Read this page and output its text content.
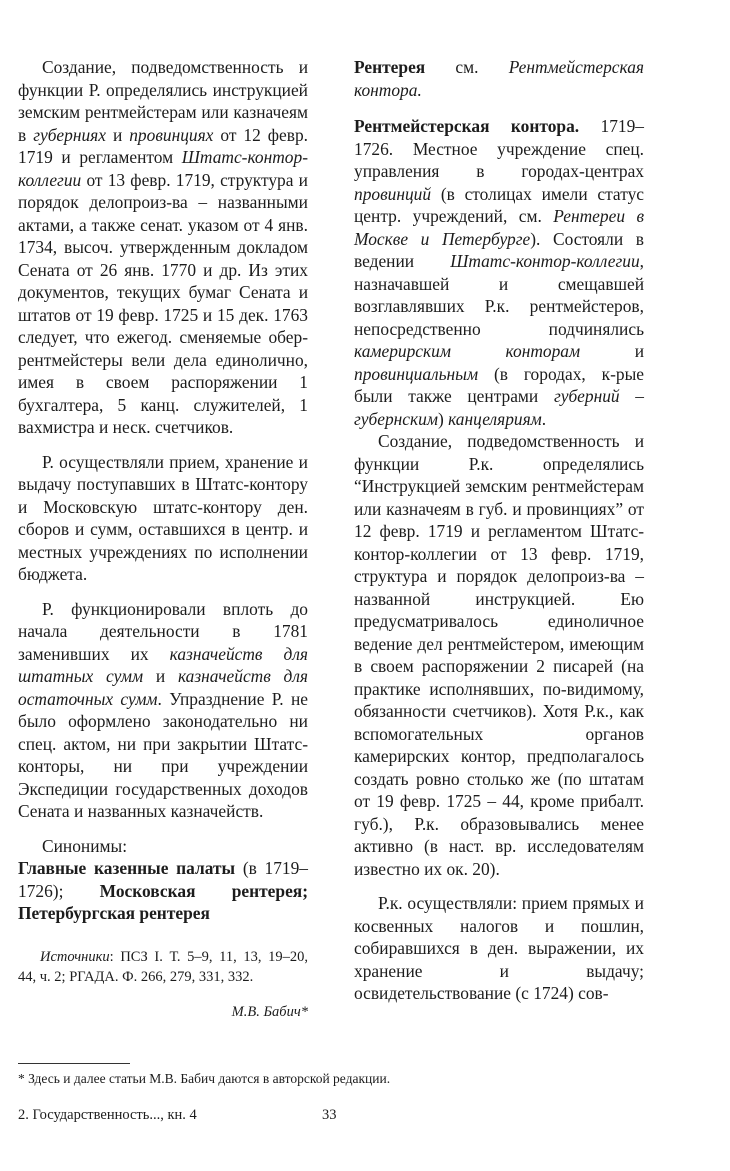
Создание, подведомственность и функции Р. определялись инструкцией земским рентмейстерам или казначеям в губерниях и провинциях от 12 февр. 1719 и регламентом Штатс-контор-коллегии от 13 февр. 1719, структура и порядок делопроиз-ва – названными актами, а также сенат. указом от 4 янв. 1734, высоч. утвержденным докладом Сената от 26 янв. 1770 и др. Из этих документов, текущих бумаг Сената и штатов от 19 февр. 1725 и 15 дек. 1763 следует, что ежегод. сменяемые обер-рентмейстеры вели дела единолично, имея в своем распоряжении 1 бухгалтера, 5 канц. служителей, 1 вахмистра и неск. счетчиков.

Р. осуществляли прием, хранение и выдачу поступавших в Штатс-контору и Московскую штатс-контору ден. сборов и сумм, оставшихся в центр. и местных учреждениях по исполнении бюджета.

Р. функционировали вплоть до начала деятельности в 1781 заменивших их казначейств для штатных сумм и казначейств для остаточных сумм. Упразднение Р. не было оформлено законодательно ни спец. актом, ни при закрытии Штатс-конторы, ни при учреждении Экспедиции государственных доходов Сената и названных казначейств.

Синонимы:

Главные казенные палаты (в 1719–1726); Московская рентерея; Петербургская рентерея

Источники: ПСЗ I. Т. 5–9, 11, 13, 19–20, 44, ч. 2; РГАДА. Ф. 266, 279, 331, 332.

М.В. Бабич*

Рентерея см. Рентмейстерская контора.

Рентмейстерская контора. 1719–1726. Местное учреждение спец. управления в городах-центрах провинций (в столицах имели статус центр. учреждений, см. Рентереи в Москве и Петербурге). Состояли в ведении Штатс-контор-коллегии, назначавшей и смещавшей возглавлявших Р.к. рентмейстеров, непосредственно подчинялись камерирским конторам и провинциальным (в городах, к-рые были также центрами губерний – губернским) канцеляриям.

Создание, подведомственность и функции Р.к. определялись “Инструкцией земским рентмейстерам или казначеям в губ. и провинциях” от 12 февр. 1719 и регламентом Штатс-контор-коллегии от 13 февр. 1719, структура и порядок делопроиз-ва – названной инструкцией. Ею предусматривалось единоличное ведение дел рентмейстером, имеющим в своем распоряжении 2 писарей (на практике исполнявших, по-видимому, обязанности счетчиков). Хотя Р.к., как вспомогательных органов камерирских контор, предполагалось создать ровно столько же (по штатам от 19 февр. 1725 – 44, кроме прибалт. губ.), Р.к. образовывались менее активно (в наст. вр. исследователям известно их ок. 20).

Р.к. осуществляли: прием прямых и косвенных налогов и пошлин, собиравшихся в ден. выражении, их хранение и выдачу; освидетельствование (с 1724) сов-

* Здесь и далее статьи М.В. Бабич даются в авторской редакции.
2. Государственность..., кн. 4	33
